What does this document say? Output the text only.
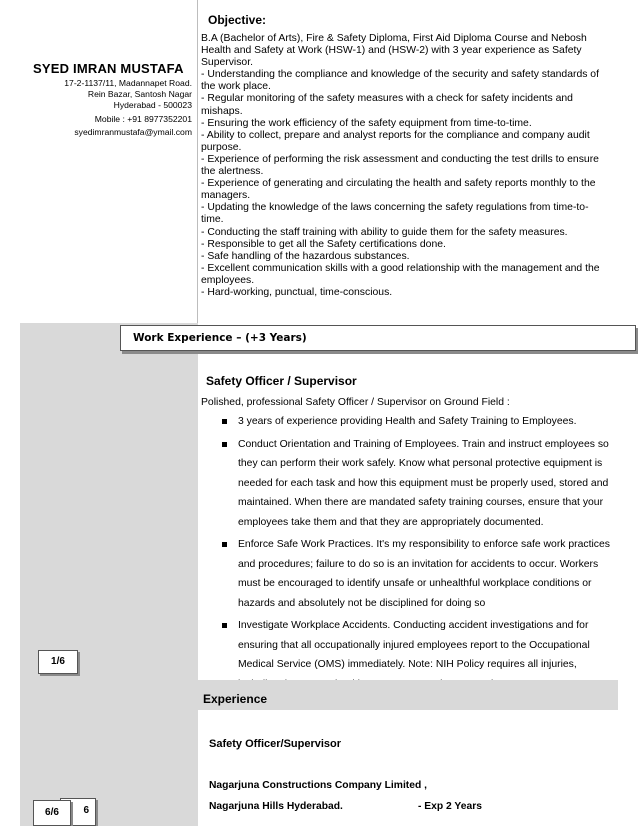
SYED IMRAN MUSTAFA
17-2-1137/11, Madannapet Road.
Rein Bazar, Santosh Nagar
Hyderabad - 500023
Mobile : +91 8977352201
syedimranmustafa@ymail.com
Objective:
B.A (Bachelor of Arts), Fire & Safety Diploma, First Aid Diploma Course and Nebosh Health and Safety at Work (HSW-1) and (HSW-2) with 3 year experience as Safety Supervisor.
- Understanding the compliance and knowledge of the security and safety standards of the work place.
- Regular monitoring of the safety measures with a check for safety incidents and mishaps.
- Ensuring the work efficiency of the safety equipment from time-to-time.
- Ability to collect, prepare and analyst reports for the compliance and company audit purpose.
- Experience of performing the risk assessment and conducting the test drills to ensure the alertness.
- Experience of generating and circulating the health and safety reports monthly to the managers.
- Updating the knowledge of the laws concerning the safety regulations from time-to-time.
- Conducting the staff training with ability to guide them for the safety measures.
- Responsible to get all the Safety certifications done.
- Safe handling of the hazardous substances.
- Excellent communication skills with a good relationship with the management and the employees.
- Hard-working, punctual, time-conscious.
Work Experience – (+3 Years)
Safety Officer / Supervisor
Polished, professional Safety Officer / Supervisor on Ground Field :
3 years of experience providing Health and Safety Training to Employees.
Conduct Orientation and Training of Employees. Train and instruct employees so they can perform their work safely. Know what personal protective equipment is needed for each task and how this equipment must be properly used, stored and maintained. When there are mandated safety training courses, ensure that your employees take them and that they are appropriately documented.
Enforce Safe Work Practices. It's my responsibility to enforce safe work practices and procedures; failure to do so is an invitation for accidents to occur. Workers must be encouraged to identify unsafe or unhealthful workplace conditions or hazards and absolutely not be disciplined for doing so
Investigate Workplace Accidents. Conducting accident investigations and for ensuring that all occupationally injured employees report to the Occupational Medical Service (OMS) immediately. Note: NIH Policy requires all injuries,
Experience
Safety Officer/Supervisor
Nagarjuna Constructions Company Limited ,
Nagarjuna Hills Hyderabad.	- Exp 2 Years
1/6
6
6/6
